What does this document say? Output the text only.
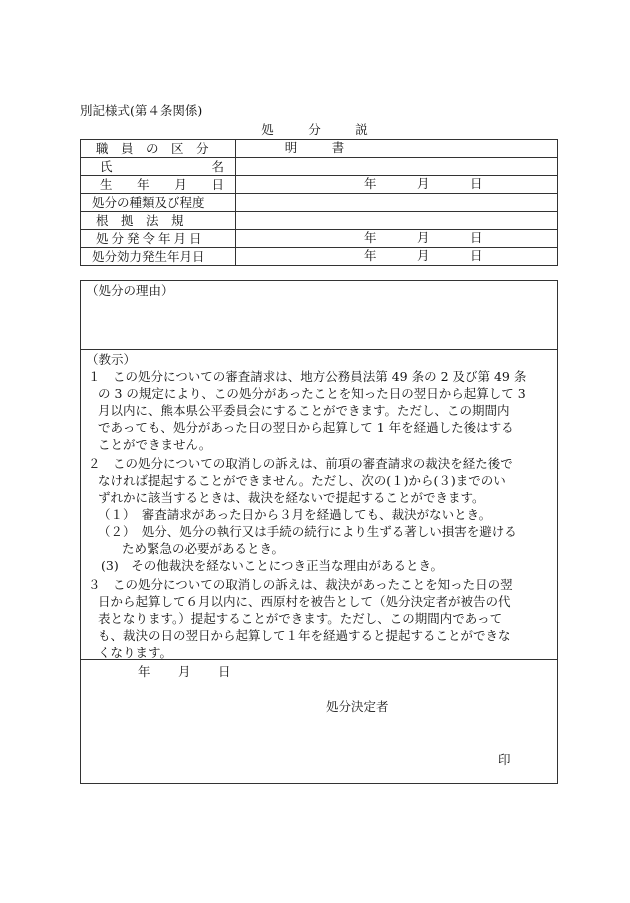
別記様式(第４条関係)
処　分　説　明　書
職　員　の　区　分	

氏 名	

生 年 月 日	年 月 日

処分の種類及び程度	
根　拠　法　規	
処分発令年月日	年 月 日

処分効力発生年月日	年 月 日
（処分の理由）
（教示）
１　この処分についての審査請求は、地方公務員法第 49 条の 2 及び第 49 条
の 3 の規定により、この処分があったことを知った日の翌日から起算して 3
月以内に、熊本県公平委員会にすることができます。ただし、この期間内
であっても、処分があった日の翌日から起算して 1 年を経過した後はする
ことができません。
２　この処分についての取消しの訴えは、前項の審査請求の裁決を経た後で
なければ提起することができません。ただし、次の(１)から(３)までのい
ずれかに該当するときは、裁決を経ないで提起することができます。
（１）　審査請求があった日から３月を経過しても、裁決がないとき。
（２）　処分、処分の執行又は手続の続行により生ずる著しい損害を避ける
ため緊急の必要があるとき。
(3)　その他裁決を経ないことにつき正当な理由があるとき。
３　この処分についての取消しの訴えは、裁決があったことを知った日の翌
日から起算して６月以内に、西原村を被告として（処分決定者が被告の代
表となります。）提起することができます。ただし、この期間内であって
も、裁決の日の翌日から起算して１年を経過すると提起することができな
くなります。
年 月 日
処分決定者
印
